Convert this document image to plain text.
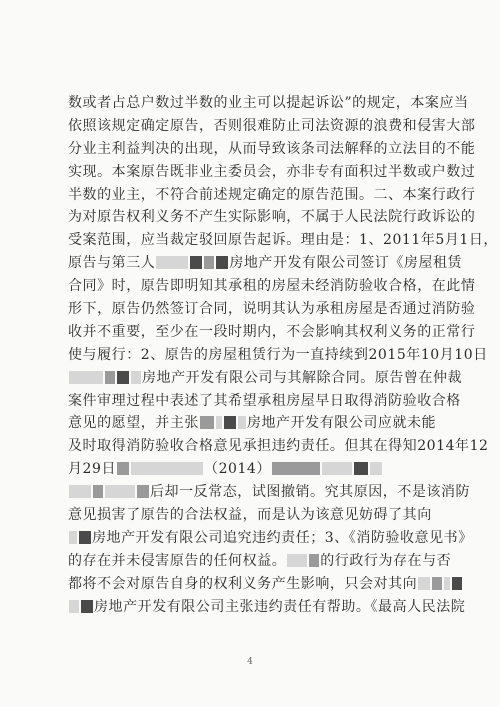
数或者占总户数过半数的业主可以提起诉讼”的规定，本案应当
依照该规定确定原告，否则很难防止司法资源的浪费和侵害大部
分业主利益判决的出现，从而导致该条司法解释的立法目的不能
实现。本案原告既非业主委员会，亦非专有面积过半数或户数过
半数的业主，不符合前述规定确定的原告范围。二、本案行政行
为对原告权利义务不产生实际影响，不属于人民法院行政诉讼的
受案范围，应当裁定驳回原告起诉。理由是：1、2011年5月1日，
原告与第三人	房地产开发有限公司签订《房屋租赁
合同》时，原告即明知其承租的房屋未经消防验收合格，在此情
形下，原告仍然签订合同，说明其认为承租房屋是否通过消防验
收并不重要，至少在一段时期内，不会影响其权利义务的正常行
使与履行：2、原告的房屋租赁行为一直持续到2015年10月10日
房地产开发有限公司与其解除合同。原告曾在仲裁
案件审理过程中表述了其希望承租房屋早日取得消防验收合格
意见的愿望，并主张	房地产开发有限公司应就未能
及时取得消防验收合格意见承担违约责任。但其在得知2014年12
月29日	（2014）
后却一反常态，试图撤销。究其原因，不是该消防
意见损害了原告的合法权益，而是认为该意见妨碍了其向
房地产开发有限公司追究违约责任；3、《消防验收意见书》
的存在并未侵害原告的任何权益。 的行政行为存在与否
都将不会对原告自身的权利义务产生影响，只会对其向
房地产开发有限公司主张违约责任有帮助。《最高人民法院
4
